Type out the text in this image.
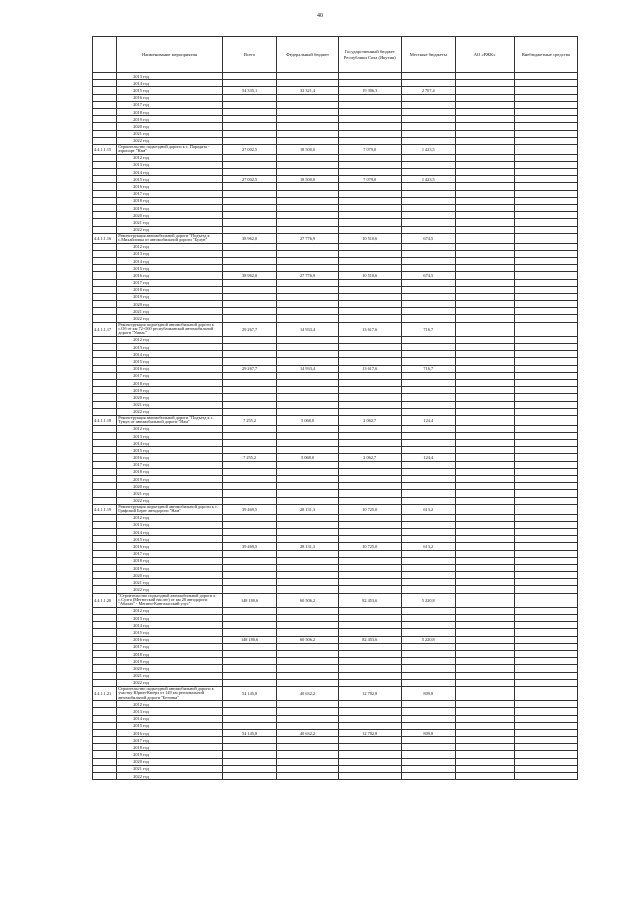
40
	Наименование мероприятия	Всего	Федеральный бюджет	Государственный бюджет Республики Саха (Якутия)	Местные бюджеты	АО «РЖК»	Внебюджетные средства
	2013 год						
	2014 год						
	2015 год	54 335,1	32 321,4	19 306,3	2 707,4		
	2016 год						
	2017 год						
	2018 год						
	2019 год						
	2020 год						
	2021 год						
	2022 год						
4.4.1.1.15	Строительство подъездной дороги к с. Парадиза - аэропорт "Нам"	27 002,5	18 500,0	7 079,0	1 423,5		
	2012 год						
	2013 год						
	2014 год						
	2015 год	27 002,5	18 500,0	7 079,0	1 423,5		
	2016 год						
	2017 год						
	2018 год						
	2019 год						
	2020 год						
	2021 год						
	2022 год						
4.4.1.1.16	Реконструкция автомобильной дороги "Подъезд к с.Михайловка от автомобильной дороги "Булун"	38 962,0	27 776,9	10 510,6	674,5		
	2012 год						
	2013 год						
	2014 год						
	2015 год						
	2016 год	38 962,0	27 776,9	10 510,6	674,5		
	2017 год						
	2018 год						
	2019 год						
	2020 год						
	2021 год						
	2022 год						
4.4.1.1.17	Реконструкция подъездной автомобильной дороги к с.Об от км 72+560 республиканской автомобильной дороги "Умнас"	29 267,7	14 933,4	13 617,6	716,7		
	2012 год						
	2013 год						
	2014 год						
	2015 год						
	2016 год	29 267,7	14 933,4	13 617,6	716,7		
	2017 год						
	2018 год						
	2019 год						
	2020 год						
	2021 год						
	2022 год						
4.4.1.1.18	Реконструкция автомобильной дороги "Подъезд к с. Тумул от автомобильной дороги "Нам"	7 255,2	5 068,0	2 062,7	124,4		
	2012 год						
	2013 год						
	2014 год						
	2015 год						
	2016 год	7 255,2	5 068,0	2 062,7	124,4		
	2017 год						
	2018 год						
	2019 год						
	2020 год						
	2021 год						
	2022 год						
4.4.1.1.19	Реконструкция подъездной автомобильной дороги к с. Графский Берег автодороги "Нам"	39 469,5	28 131,3	10 725,0	613,2		
	2012 год						
	2013 год						
	2014 год						
	2015 год						
	2016 год	39 469,5	28 131,3	10 725,0	613,2		
	2017 год						
	2018 год						
	2019 год						
	2020 год						
	2021 год						
	2022 год						
4.4.1.1.20	"Строительство подъездной автомобильной дороги к с.Сулга (Мегюгский наслег) от км 28 автодороги "Абалах" - Мегино-Кангаласский улус"	148 180,6	60 506,2	82 453,6	5 220,8		
	2012 год						
	2013 год						
	2014 год						
	2015 год						
	2016 год	148 180,6	60 506,2	82 453,6	5 220,8		
	2017 год						
	2018 год						
	2019 год						
	2020 год						
	2021 год						
	2022 год						
4.4.1.1.21	Строительство подъездной автомобильной дороги к участку Юрюн-Кюёрэ от 149 км региональной автомобильной дороги "Бетонка"	54 145,8	40 632,2	12 702,8	809,8		
	2012 год						
	2013 год						
	2014 год						
	2015 год						
	2016 год	54 145,8	40 632,2	12 702,8	809,8		
	2017 год						
	2018 год						
	2019 год						
	2020 год						
	2021 год						
	2022 год						
